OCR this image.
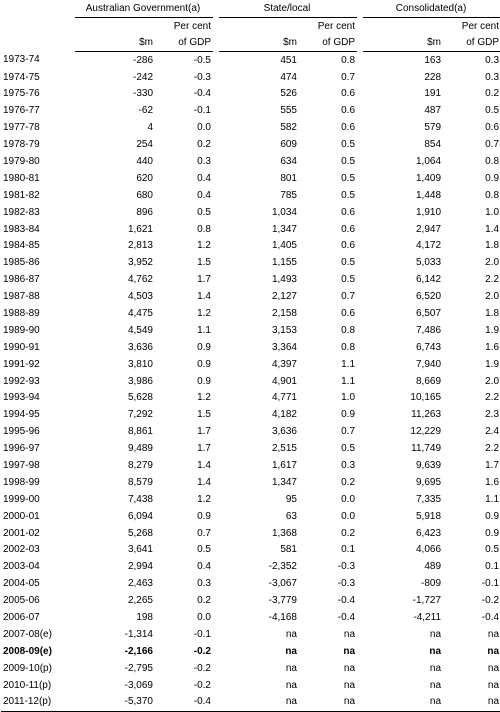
	Australian Government(a)			State/local			Consolidated(a)	
		Per cent			Per cent			Per cent
	$m	of GDP		$m	of GDP		$m	of GDP
1973-74	-286	-0.5		451	0.8		163	0.3
1974-75	-242	-0.3		474	0.7		228	0.3
1975-76	-330	-0.4		526	0.6		191	0.2
1976-77	-62	-0.1		555	0.6		487	0.5
1977-78	4	0.0		582	0.6		579	0.6
1978-79	254	0.2		609	0.5		854	0.7
1979-80	440	0.3		634	0.5		1,064	0.8
1980-81	620	0.4		801	0.5		1,409	0.9
1981-82	680	0.4		785	0.5		1,448	0.8
1982-83	896	0.5		1,034	0.6		1,910	1.0
1983-84	1,621	0.8		1,347	0.6		2,947	1.4
1984-85	2,813	1.2		1,405	0.6		4,172	1.8
1985-86	3,952	1.5		1,155	0.5		5,033	2.0
1986-87	4,762	1.7		1,493	0.5		6,142	2.2
1987-88	4,503	1.4		2,127	0.7		6,520	2.0
1988-89	4,475	1.2		2,158	0.6		6,507	1.8
1989-90	4,549	1.1		3,153	0.8		7,486	1.9
1990-91	3,636	0.9		3,364	0.8		6,743	1.6
1991-92	3,810	0.9		4,397	1.1		7,940	1.9
1992-93	3,986	0.9		4,901	1.1		8,669	2.0
1993-94	5,628	1.2		4,771	1.0		10,165	2.2
1994-95	7,292	1.5		4,182	0.9		11,263	2.3
1995-96	8,861	1.7		3,636	0.7		12,229	2.4
1996-97	9,489	1.7		2,515	0.5		11,749	2.2
1997-98	8,279	1.4		1,617	0.3		9,639	1.7
1998-99	8,579	1.4		1,347	0.2		9,695	1.6
1999-00	7,438	1.2		95	0.0		7,335	1.1
2000-01	6,094	0.9		63	0.0		5,918	0.9
2001-02	5,268	0.7		1,368	0.2		6,423	0.9
2002-03	3,641	0.5		581	0.1		4,066	0.5
2003-04	2,994	0.4		-2,352	-0.3		489	0.1
2004-05	2,463	0.3		-3,067	-0.3		-809	-0.1
2005-06	2,265	0.2		-3,779	-0.4		-1,727	-0.2
2006-07	198	0.0		-4,168	-0.4		-4,211	-0.4
2007-08(e)	-1,314	-0.1		na	na		na	na
2008-09(e)	-2,166	-0.2		na	na		na	na
2009-10(p)	-2,795	-0.2		na	na		na	na
2010-11(p)	-3,069	-0.2		na	na		na	na
2011-12(p)	-5,370	-0.4		na	na		na	na
